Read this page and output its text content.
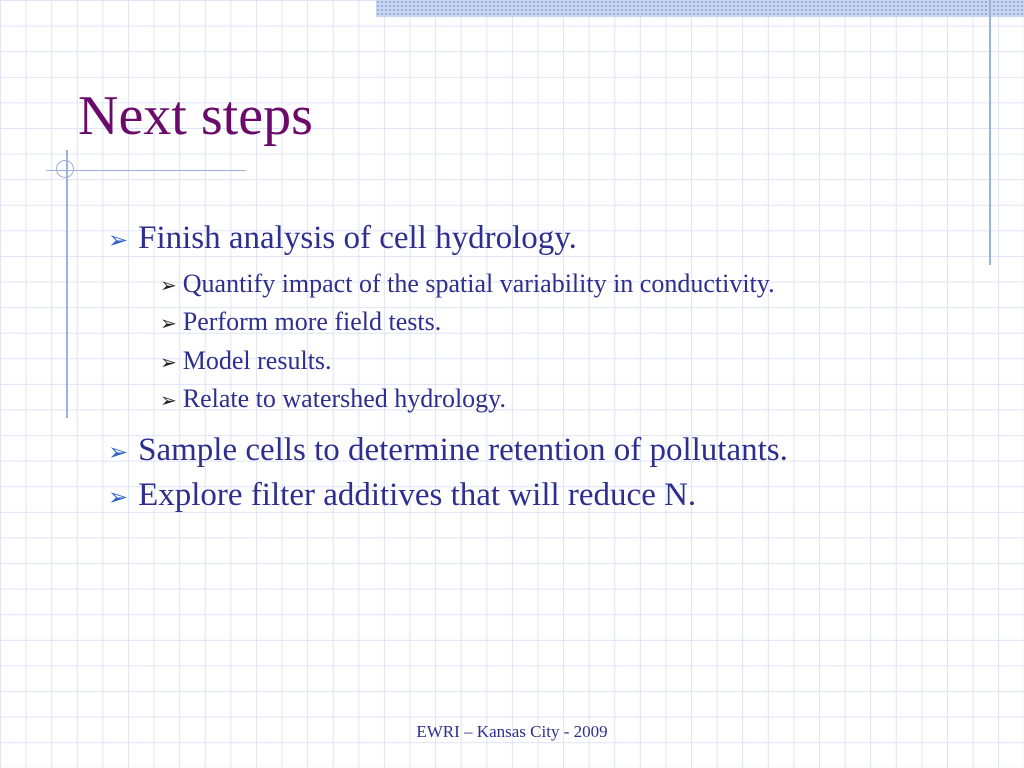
Next steps
➢ Finish analysis of cell hydrology.
➢ Quantify impact of the spatial variability in conductivity.
➢ Perform more field tests.
➢ Model results.
➢ Relate to watershed hydrology.
➢ Sample cells to determine retention of pollutants.
➢ Explore filter additives that will reduce N.

EWRI – Kansas City - 2009
